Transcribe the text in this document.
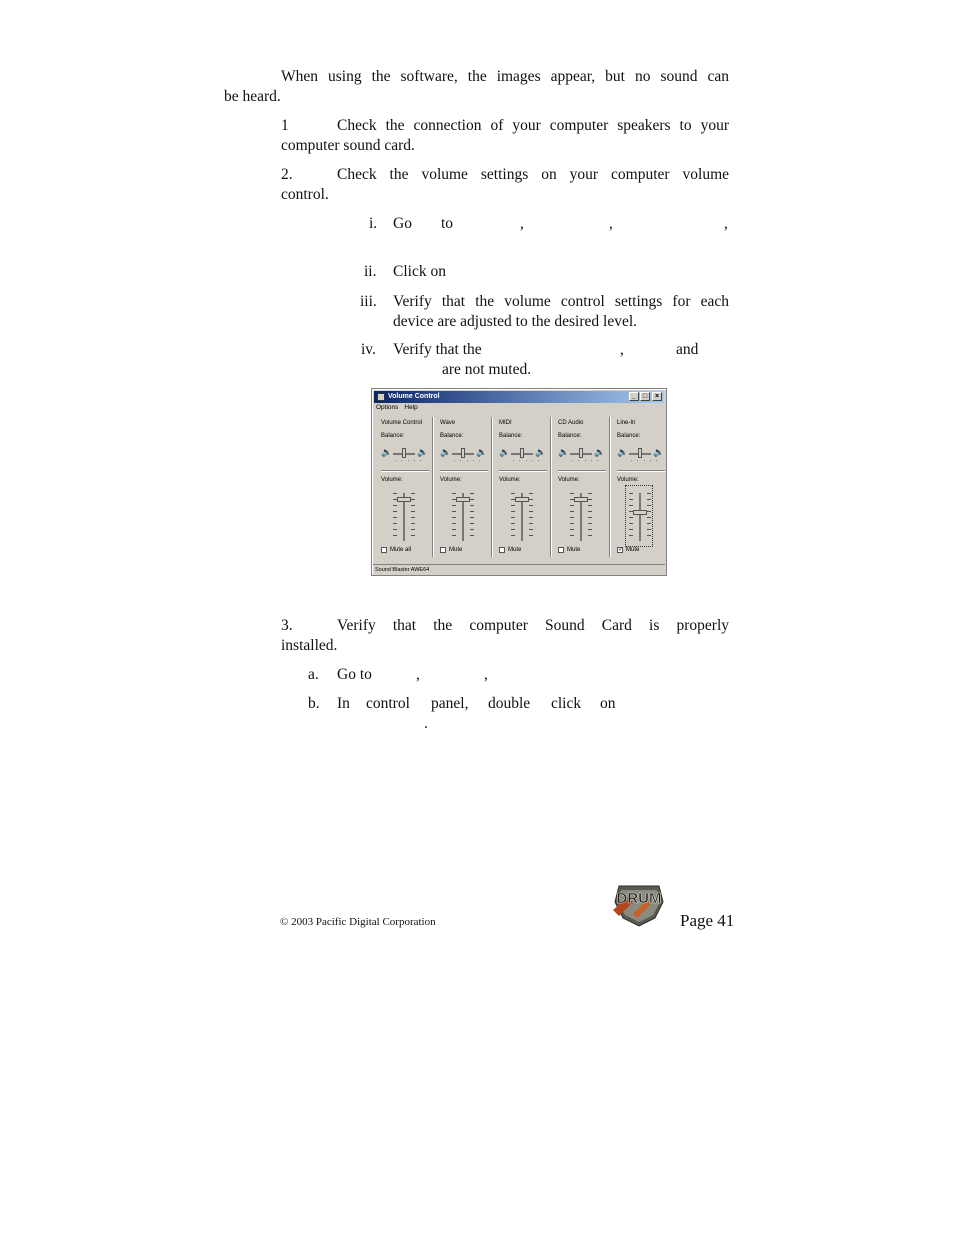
When using the software, the images appear, but no sound can
be heard.
1	Check the connection of your computer speakers to your
computer sound card.
2.	Check the volume settings on your computer volume
control.
i. Go to	,	,	,
ii. Click on
iii. Verify that the volume control settings for each
device are adjusted to the desired level.
iv. Verify that the	,	and
are not muted.
Volume Control	_ □	×
Options Help
Volume Control
Balance:
🔈	🔈
' ' ' ' '
Volume:
Mute all
Wave
Balance:
🔈	🔈
' ' ' ' '
Volume:
Mute
MIDI
Balance:
🔈	🔈
' ' ' ' '
Volume:
Mute
CD Audio
Balance:
🔈	🔈
' ' ' ' '
Volume:
Mute
Line-In
Balance:
🔈	🔈
' ' ' ' '
Volume:
✓ Mute
Sound Blaster AWE64
3.	Verify that the computer Sound Card is properly
installed.
a. Go to	,	,
b. In control panel, double click on
.
© 2003 Pacific Digital Corporation
DRUM
Page 41
